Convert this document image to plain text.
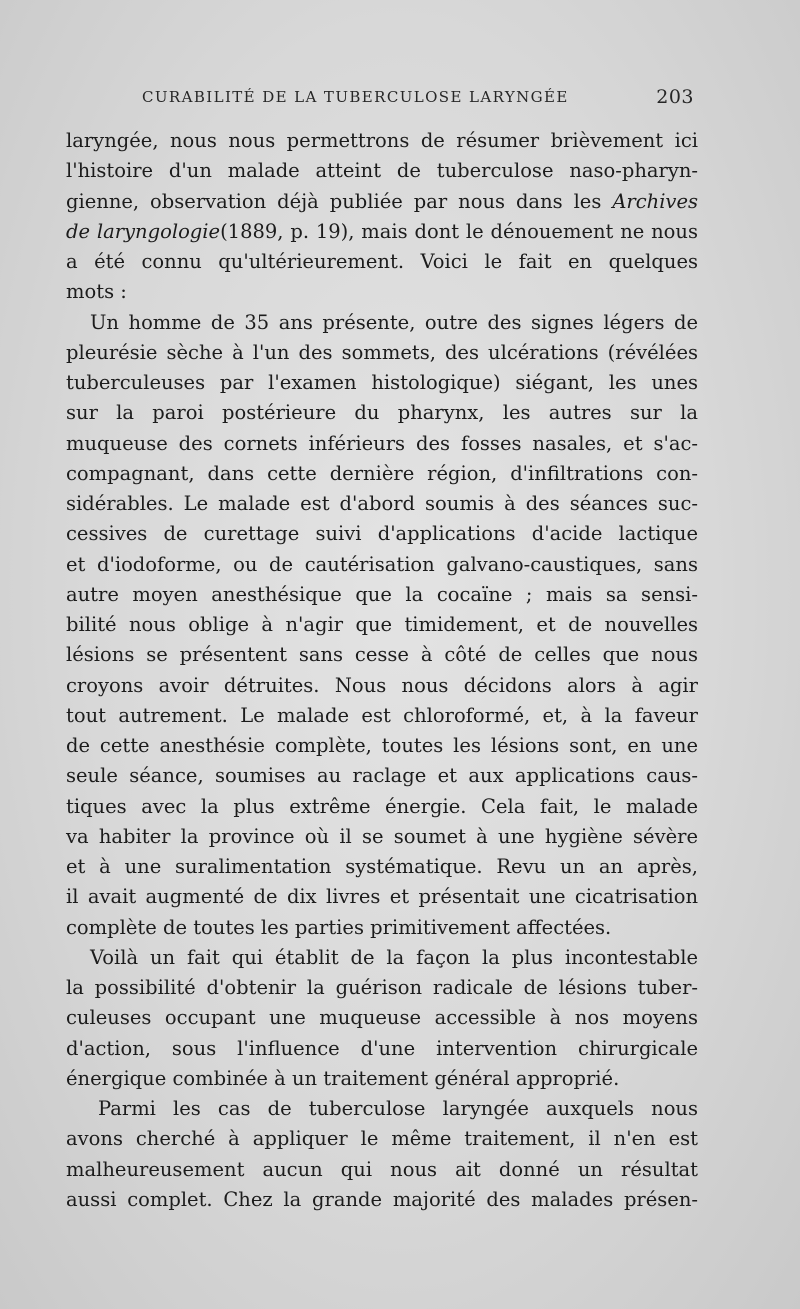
CURABILITÉ DE LA TUBERCULOSE LARYNGÉE	203
laryngée, nous nous permettrons de résumer brièvement ici
l'histoire d'un malade atteint de tuberculose naso-pharyn-
gienne, observation déjà publiée par nous dans les Archives
de laryngologie(1889, p. 19), mais dont le dénouement ne nous
a été connu qu'ultérieurement. Voici le fait en quelques
mots :
Un homme de 35 ans présente, outre des signes légers de
pleurésie sèche à l'un des sommets, des ulcérations (révélées
tuberculeuses par l'examen histologique) siégant, les unes
sur la paroi postérieure du pharynx, les autres sur la
muqueuse des cornets inférieurs des fosses nasales, et s'ac-
compagnant, dans cette dernière région, d'infiltrations con-
sidérables. Le malade est d'abord soumis à des séances suc-
cessives de curettage suivi d'applications d'acide lactique
et d'iodoforme, ou de cautérisation galvano-caustiques, sans
autre moyen anesthésique que la cocaïne ; mais sa sensi-
bilité nous oblige à n'agir que timidement, et de nouvelles
lésions se présentent sans cesse à côté de celles que nous
croyons avoir détruites. Nous nous décidons alors à agir
tout autrement. Le malade est chloroformé, et, à la faveur
de cette anesthésie complète, toutes les lésions sont, en une
seule séance, soumises au raclage et aux applications caus-
tiques avec la plus extrême énergie. Cela fait, le malade
va habiter la province où il se soumet à une hygiène sévère
et à une suralimentation systématique. Revu un an après,
il avait augmenté de dix livres et présentait une cicatrisation
complète de toutes les parties primitivement affectées.
Voilà un fait qui établit de la façon la plus incontestable
la possibilité d'obtenir la guérison radicale de lésions tuber-
culeuses occupant une muqueuse accessible à nos moyens
d'action, sous l'influence d'une intervention chirurgicale
énergique combinée à un traitement général approprié.
Parmi les cas de tuberculose laryngée auxquels nous
avons cherché à appliquer le même traitement, il n'en est
malheureusement aucun qui nous ait donné un résultat
aussi complet. Chez la grande majorité des malades présen-
